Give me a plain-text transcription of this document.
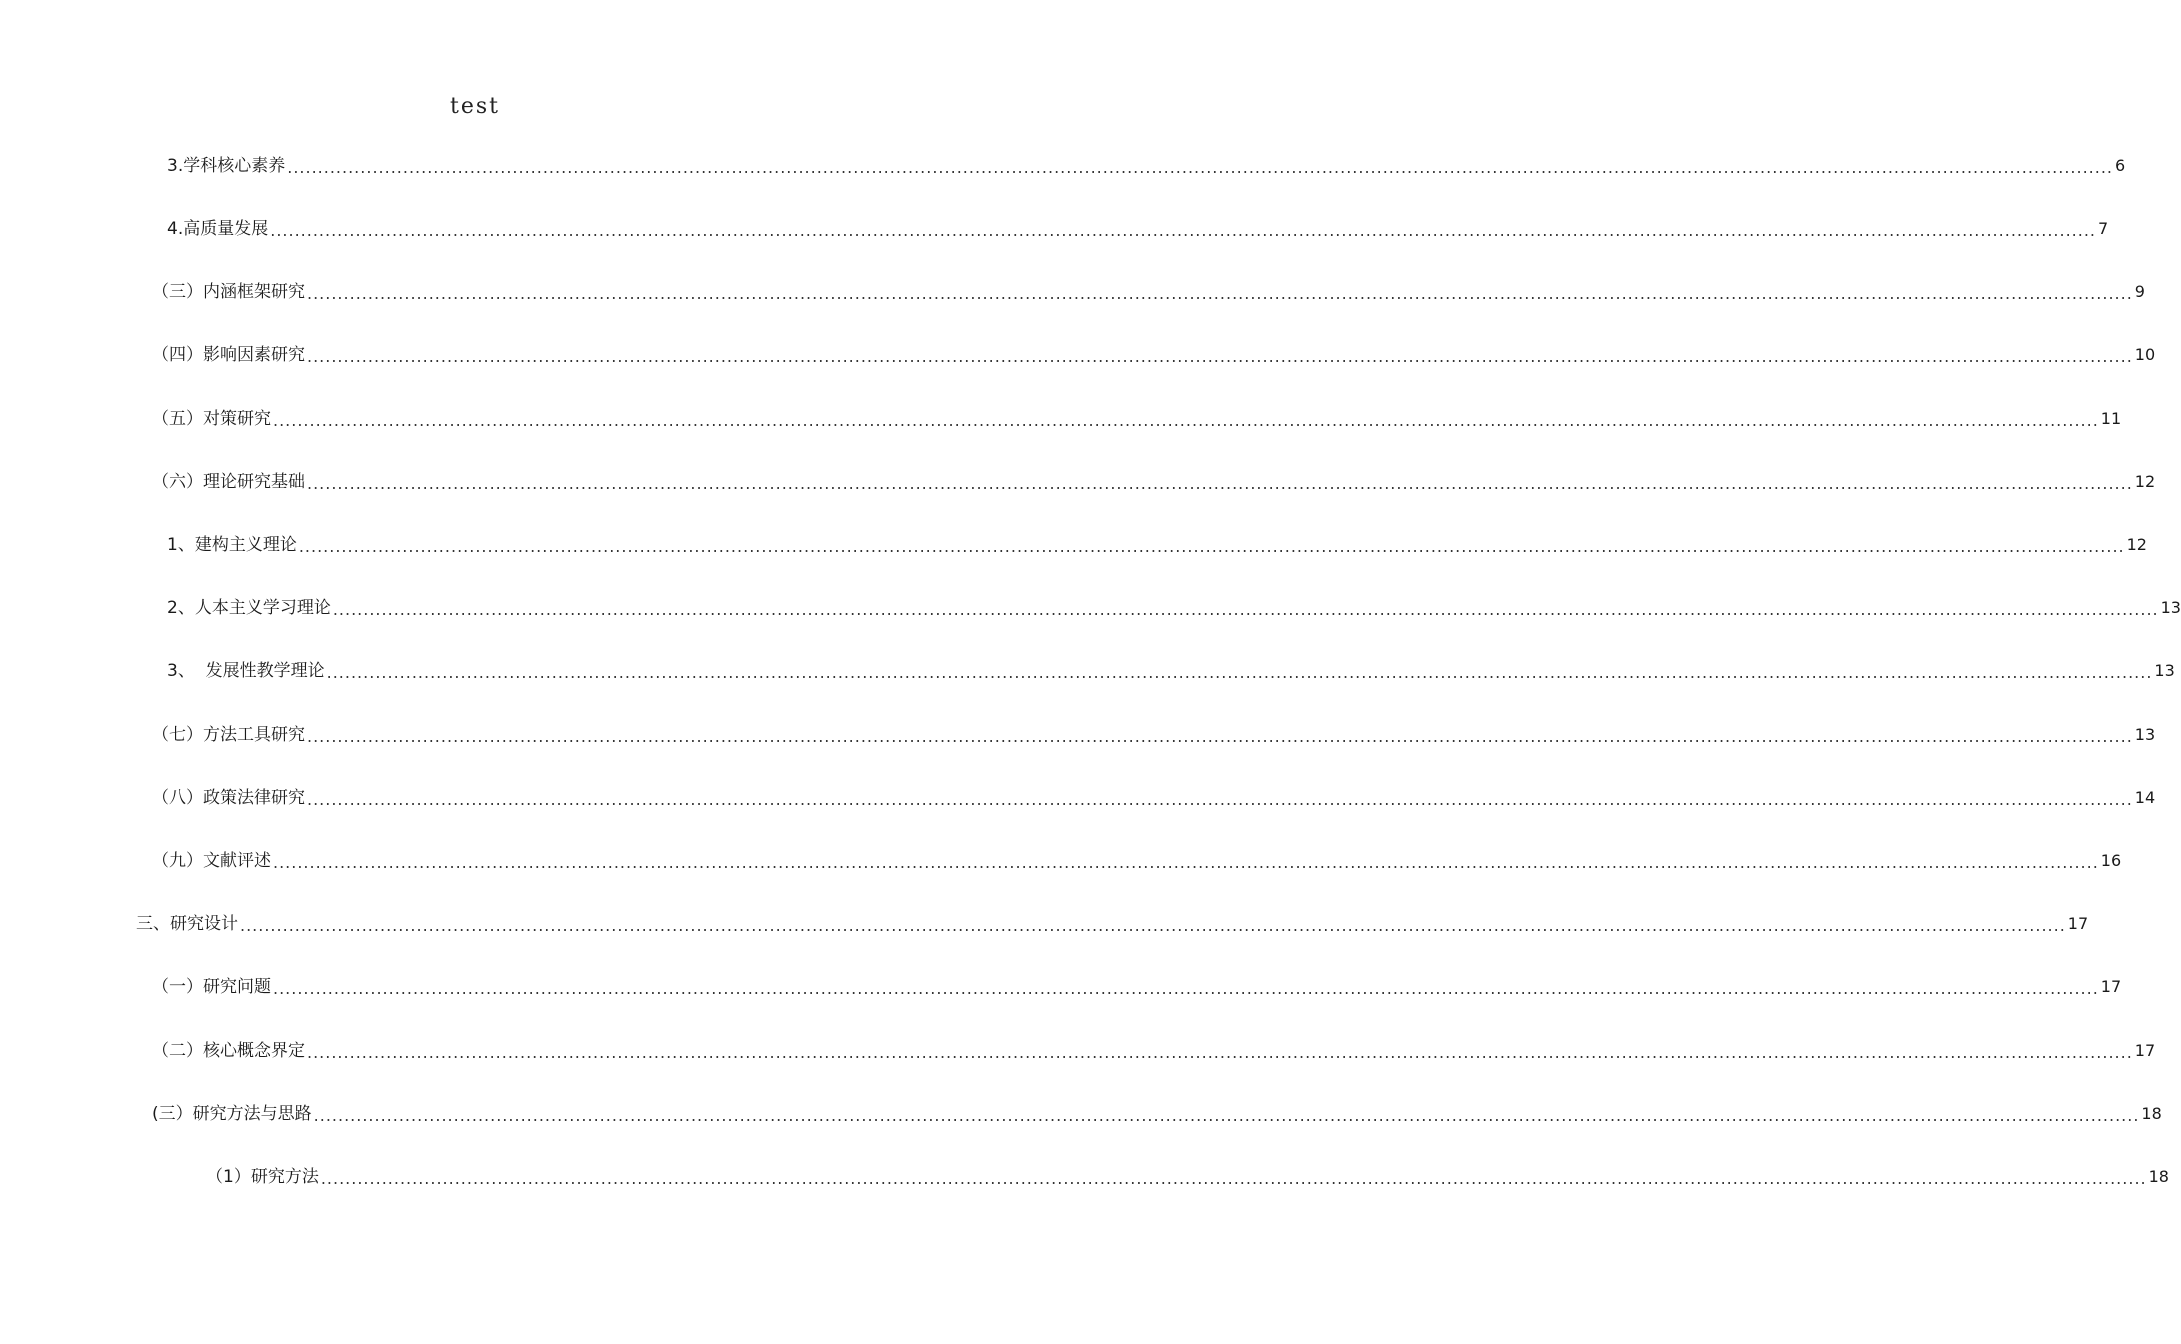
test
3.学科核心素养 ............................................................................................................................................................................................................................................................................................................ 6
4.高质量发展 ............................................................................................................................................................................................................................................................................................................ 7
（三）内涵框架研究 ............................................................................................................................................................................................................................................................................................................ 9
（四）影响因素研究 ............................................................................................................................................................................................................................................................................................................ 10
（五）对策研究 ............................................................................................................................................................................................................................................................................................................ 11
（六）理论研究基础 ............................................................................................................................................................................................................................................................................................................ 12
1、建构主义理论 ............................................................................................................................................................................................................................................................................................................ 12
2、人本主义学习理论 ............................................................................................................................................................................................................................................................................................................ 13
3、  发展性教学理论 ............................................................................................................................................................................................................................................................................................................ 13
（七）方法工具研究 ............................................................................................................................................................................................................................................................................................................ 13
（八）政策法律研究 ............................................................................................................................................................................................................................................................................................................ 14
（九）文献评述 ............................................................................................................................................................................................................................................................................................................ 16
三、研究设计 ............................................................................................................................................................................................................................................................................................................ 17
（一）研究问题 ............................................................................................................................................................................................................................................................................................................ 17
（二）核心概念界定 ............................................................................................................................................................................................................................................................................................................ 17
(三）研究方法与思路 ............................................................................................................................................................................................................................................................................................................ 18
（1）研究方法 ............................................................................................................................................................................................................................................................................................................ 18
